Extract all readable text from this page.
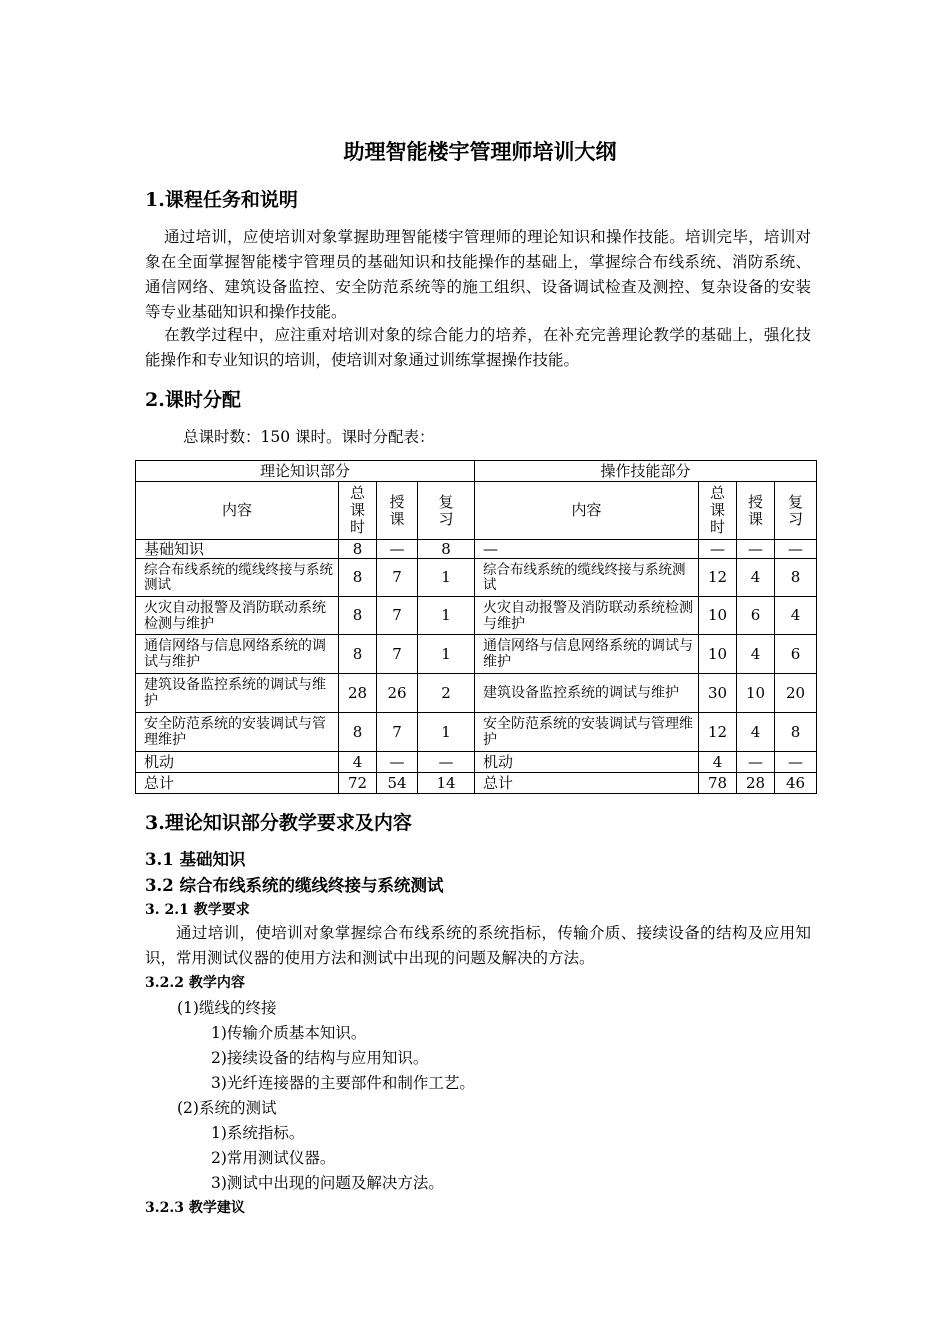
助理智能楼宇管理师培训大纲
1.课程任务和说明

通过培训，应使培训对象掌握助理智能楼宇管理师的理论知识和操作技能。培训完毕，培训对象在全面掌握智能楼宇管理员的基础知识和技能操作的基础上，掌握综合布线系统、消防系统、通信网络、建筑设备监控、安全防范系统等的施工组织、设备调试检查及测控、复杂设备的安装等专业基础知识和操作技能。

在教学过程中，应注重对培训对象的综合能力的培养，在补充完善理论教学的基础上，强化技能操作和专业知识的培训，使培训对象通过训练掌握操作技能。

2.课时分配

总课时数：150 课时。课时分配表：

理论知识部分				操作技能部分			
内容	总课时	授课	复习	内容	总课时	授课	复习
基础知识	8	—	8	—	—	—	—
综合布线系统的缆线终接与系统测试	8	7	1	综合布线系统的缆线终接与系统测试	12	4	8
火灾自动报警及消防联动系统检测与维护	8	7	1	火灾自动报警及消防联动系统检测与维护	10	6	4
通信网络与信息网络系统的调试与维护	8	7	1	通信网络与信息网络系统的调试与维护	10	4	6
建筑设备监控系统的调试与维护	28	26	2	建筑设备监控系统的调试与维护	30	10	20
安全防范系统的安装调试与管理维护	8	7	1	安全防范系统的安装调试与管理维护	12	4	8
机动	4	—	—	机动	4	—	—
总计	72	54	14	总计	78	28	46
3.理论知识部分教学要求及内容
3.1 基础知识
3.2 综合布线系统的缆线终接与系统测试
3. 2.1 教学要求

通过培训，使培训对象掌握综合布线系统的系统指标，传输介质、接续设备的结构及应用知识，常用测试仪器的使用方法和测试中出现的问题及解决的方法。

3.2.2 教学内容

(1)缆线的终接

1)传输介质基本知识。

2)接续设备的结构与应用知识。

3)光纤连接器的主要部件和制作工艺。

(2)系统的测试

1)系统指标。

2)常用测试仪器。

3)测试中出现的问题及解决方法。

3.2.3 教学建议
